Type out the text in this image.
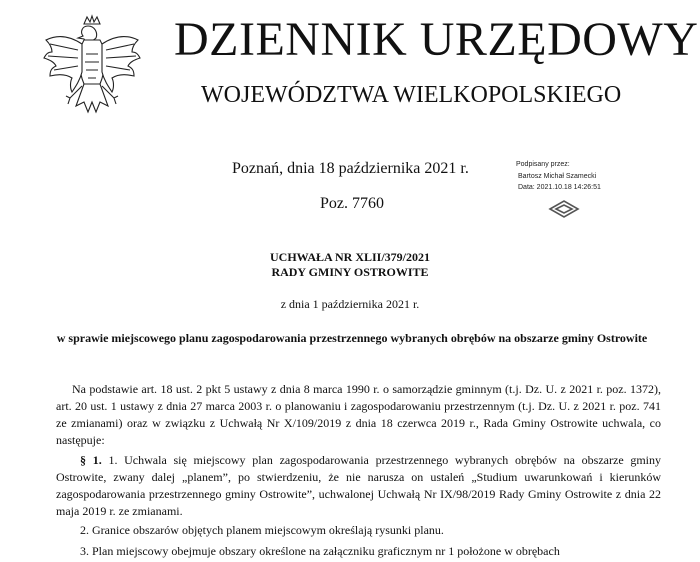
DZIENNIK URZĘDOWY
WOJEWÓDZTWA WIELKOPOLSKIEGO
Poznań, dnia 18 października 2021 r.
Poz. 7760
Podpisany przez:
Bartosz Michał Szamecki
Data: 2021.10.18 14:26:51
UCHWAŁA NR XLII/379/2021
RADY GMINY OSTROWITE
z dnia 1 października 2021 r.
w sprawie miejscowego planu zagospodarowania przestrzennego wybranych obrębów na obszarze gminy Ostrowite
Na podstawie art. 18 ust. 2 pkt 5 ustawy z dnia 8 marca 1990 r. o samorządzie gminnym (t.j. Dz. U. z 2021 r. poz. 1372), art. 20 ust. 1 ustawy z dnia 27 marca 2003 r. o planowaniu i zagospodarowaniu przestrzennym (t.j. Dz. U. z 2021 r. poz. 741 ze zmianami) oraz w związku z Uchwałą Nr X/109/2019 z dnia 18 czerwca 2019 r., Rada Gminy Ostrowite uchwala, co następuje:
§ 1. 1. Uchwala się miejscowy plan zagospodarowania przestrzennego wybranych obrębów na obszarze gminy Ostrowite, zwany dalej „planem”, po stwierdzeniu, że nie narusza on ustaleń „Studium uwarunkowań i kierunków zagospodarowania przestrzennego gminy Ostrowite”, uchwalonej Uchwałą Nr IX/98/2019 Rady Gminy Ostrowite z dnia 22 maja 2019 r. ze zmianami.
2. Granice obszarów objętych planem miejscowym określają rysunki planu.
3. Plan miejscowy obejmuje obszary określone na załączniku graficznym nr 1 położone w obrębach
